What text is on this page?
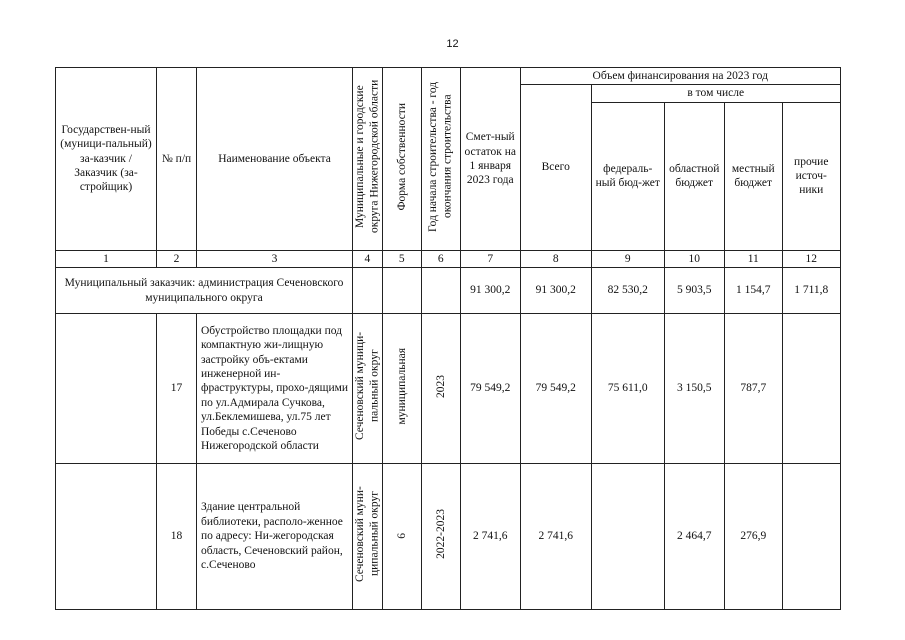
12
Государствен-ный (муници-пальный) за-казчик / Заказчик (за-стройщик)	№ п/п	Наименование объекта	Муниципальные и городские округа Нижегородской области	Форма собственности	Год начала строительства - год окончания строительства	Смет-ный остаток на 1 января 2023 года	Объем финансирования на 2023 год				
							Всего	в том числе			
								федераль-ный бюд-жет	областной бюджет	местный бюджет	прочие источ-ники
1	2	3	4	5	6	7	8	9	10	11	12
Муниципальный заказчик: администрация Сеченовского муниципального округа						91 300,2	91 300,2	82 530,2	5 903,5	1 154,7	1 711,8
	17	Обустройство площадки под компактную жи-лищную застройку объ-ектами инженерной ин-фраструктуры, прохо-дящими по ул.Адмирала Сучкова, ул.Беклемишева, ул.75 лет Победы с.Сеченово Нижегородской области	Сеченовский муници-пальный округ	муниципальная	2023	79 549,2	79 549,2	75 611,0	3 150,5	787,7	
	18	Здание центральной библиотеки, располо-женное по адресу: Ни-жегородская область, Сеченовский район, с.Сеченово	Сеченовский муни-ципальный округ	6	2022-2023	2 741,6	2 741,6		2 464,7	276,9	
